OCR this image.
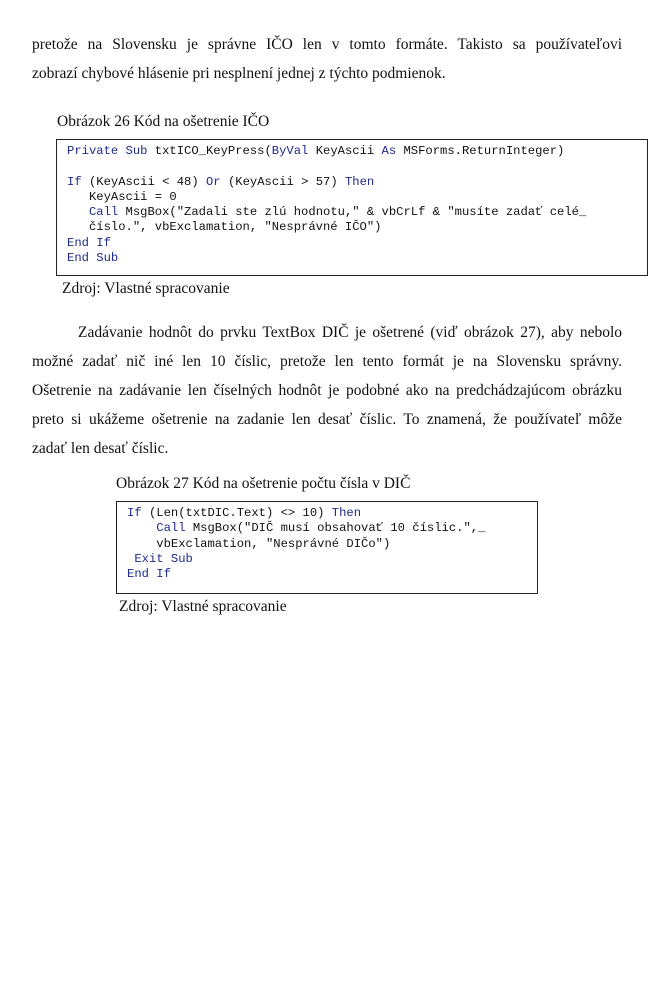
pretože na Slovensku je správne IČO len v tomto formáte. Takisto sa používateľovi
zobrazí chybové hlásenie pri nesplnení jednej z týchto podmienok.

Obrázok 26 Kód na ošetrenie IČO

Private Sub txtICO_KeyPress(ByVal KeyAscii As MSForms.ReturnInteger)

If (KeyAscii < 48) Or (KeyAscii > 57) Then
KeyAscii = 0
Call MsgBox("Zadali ste zlú hodnotu," & vbCrLf & "musíte zadať celé_
číslo.", vbExclamation, "Nesprávné IČO")
End If
End Sub

Zdroj: Vlastné spracovanie

Zadávanie hodnôt do prvku TextBox DIČ je ošetrené (viď obrázok 27), aby nebolo
možné zadať nič iné len 10 číslic, pretože len tento formát je na Slovensku správny.
Ošetrenie na zadávanie len číselných hodnôt je podobné ako na predchádzajúcom obrázku
preto si ukážeme ošetrenie na zadanie len desať číslic. To znamená, že používateľ môže
zadať len desať číslic.

Obrázok 27 Kód na ošetrenie počtu čísla v DIČ

If (Len(txtDIC.Text) <> 10) Then
Call MsgBox("DIČ musí obsahovať 10 číslic.",_
vbExclamation, "Nesprávné DIČo")
Exit Sub
End If

Zdroj: Vlastné spracovanie
